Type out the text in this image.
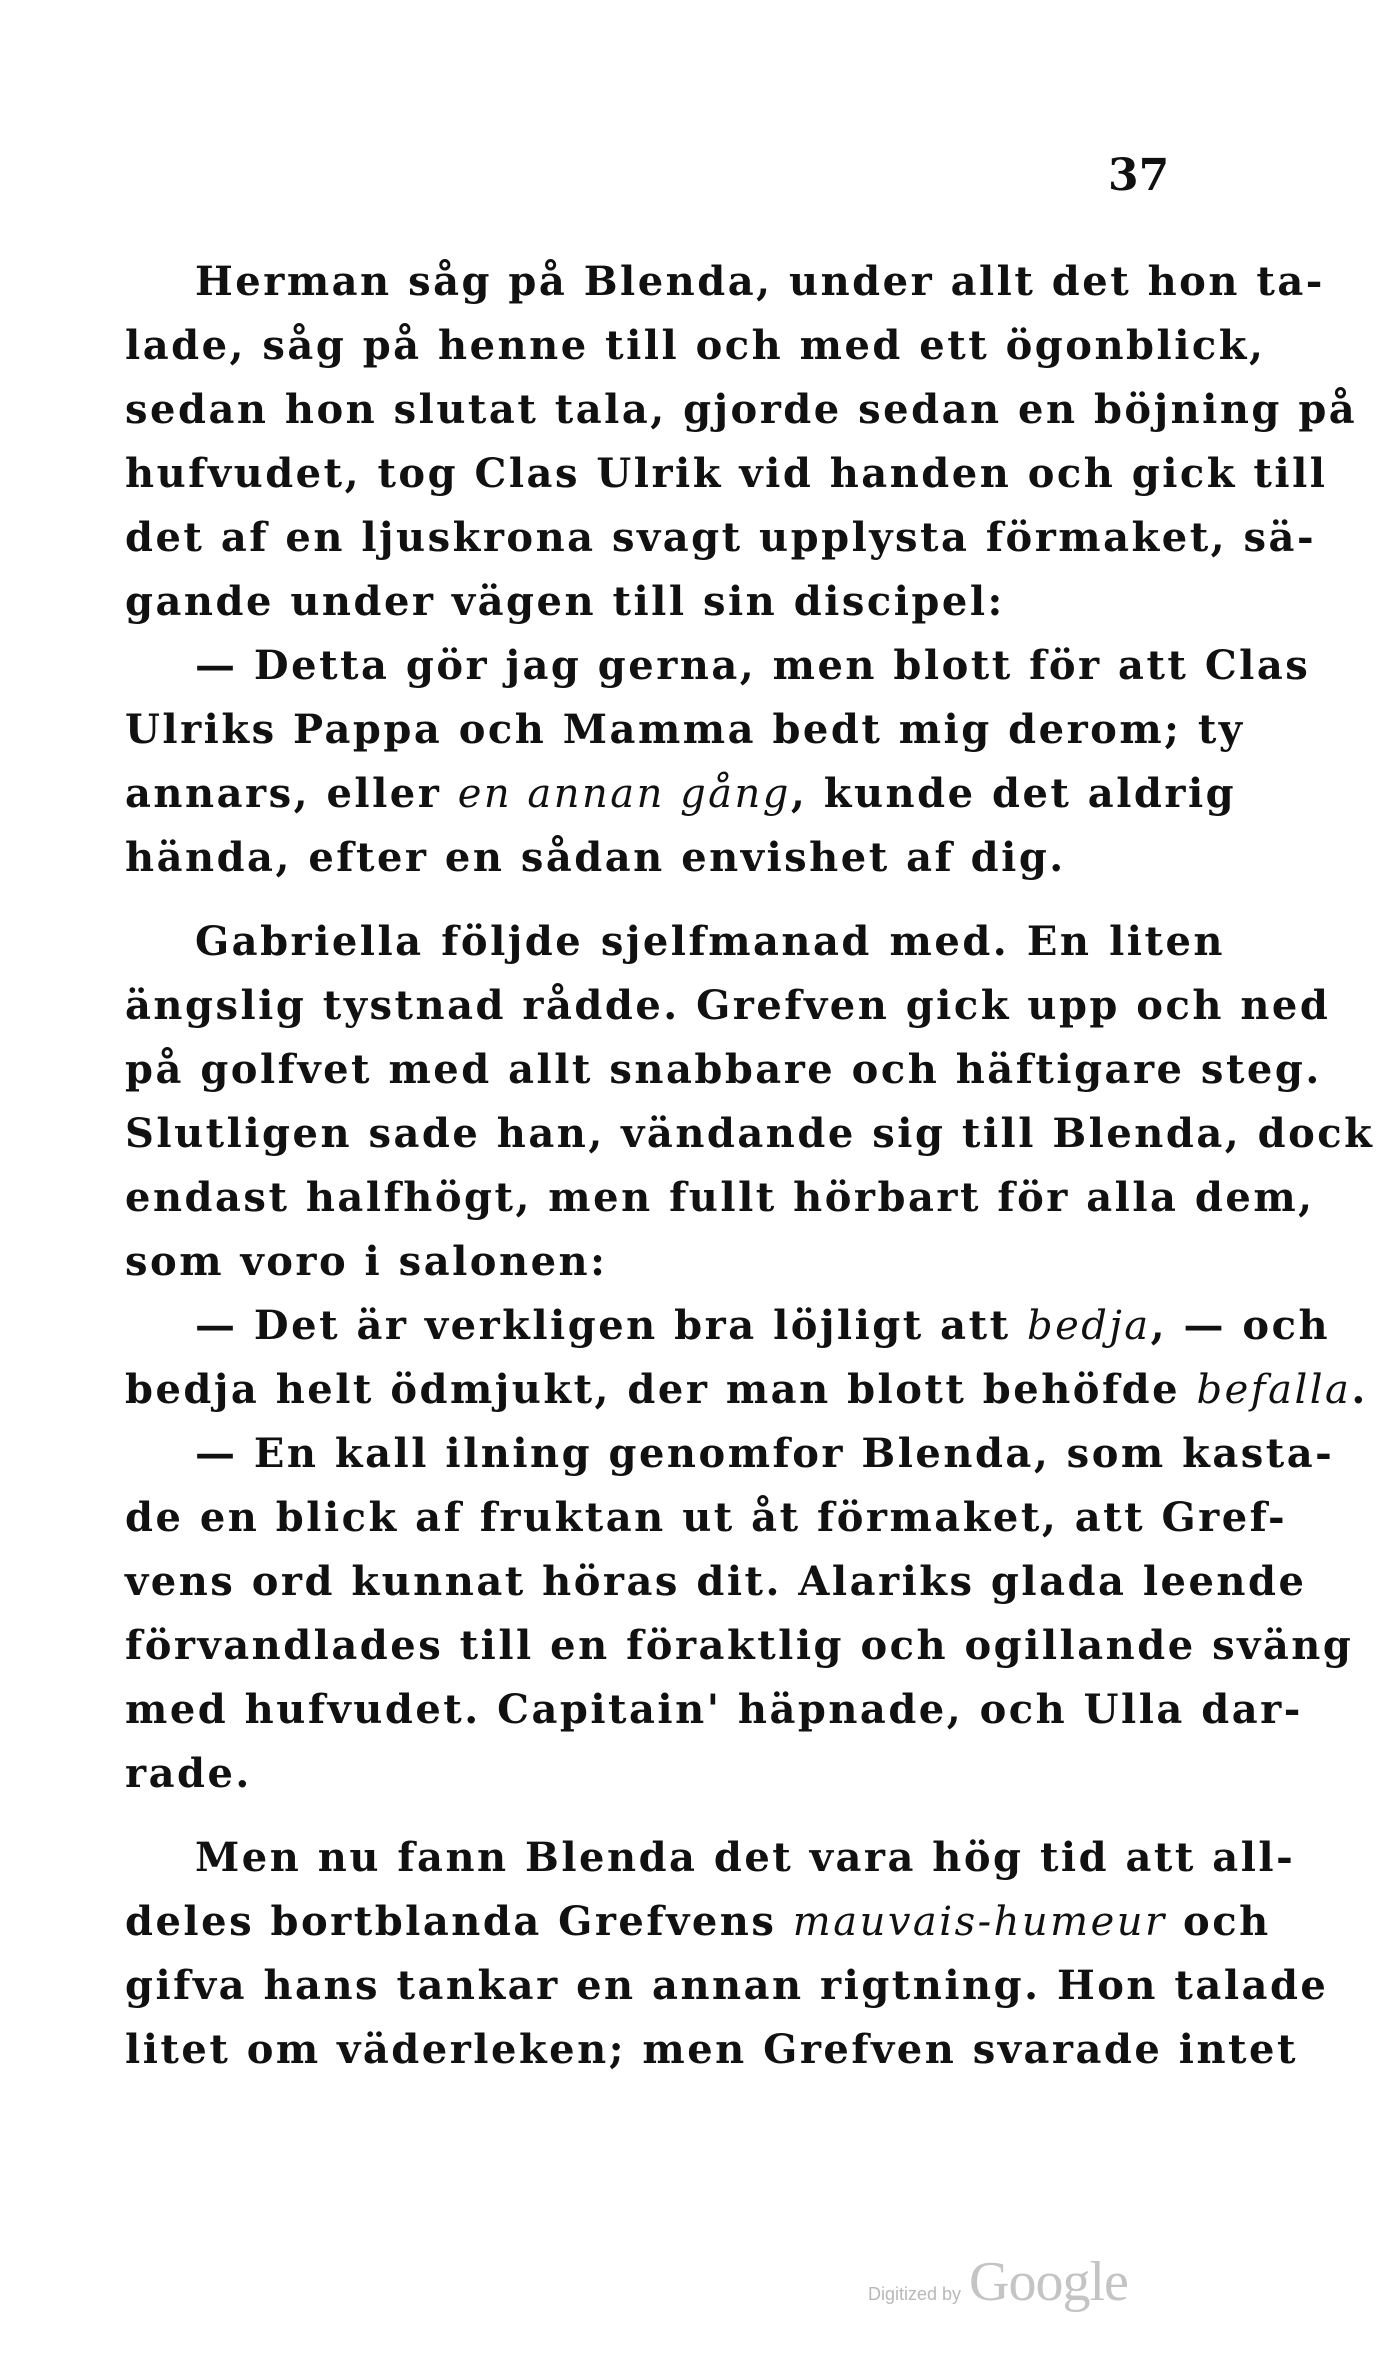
37
Herman såg på Blenda, under allt det hon ta-
lade, såg på henne till och med ett ögonblick,
sedan hon slutat tala, gjorde sedan en böjning på
hufvudet, tog Clas Ulrik vid handen och gick till
det af en ljuskrona svagt upplysta förmaket, sä-
gande under vägen till sin discipel:
— Detta gör jag gerna, men blott för att Clas
Ulriks Pappa och Mamma bedt mig derom; ty
annars, eller en annan gång, kunde det aldrig
hända, efter en sådan envishet af dig.
Gabriella följde sjelfmanad med. En liten
ängslig tystnad rådde. Grefven gick upp och ned
på golfvet med allt snabbare och häftigare steg.
Slutligen sade han, vändande sig till Blenda, dock
endast halfhögt, men fullt hörbart för alla dem,
som voro i salonen:
— Det är verkligen bra löjligt att bedja, — och
bedja helt ödmjukt, der man blott behöfde befalla.
— En kall ilning genomfor Blenda, som kasta-
de en blick af fruktan ut åt förmaket, att Gref-
vens ord kunnat höras dit. Alariks glada leende
förvandlades till en föraktlig och ogillande sväng
med hufvudet. Capitain' häpnade, och Ulla dar-
rade.
Men nu fann Blenda det vara hög tid att all-
deles bortblanda Grefvens mauvais-humeur och
gifva hans tankar en annan rigtning. Hon talade
litet om väderleken; men Grefven svarade intet
Digitized by Google
